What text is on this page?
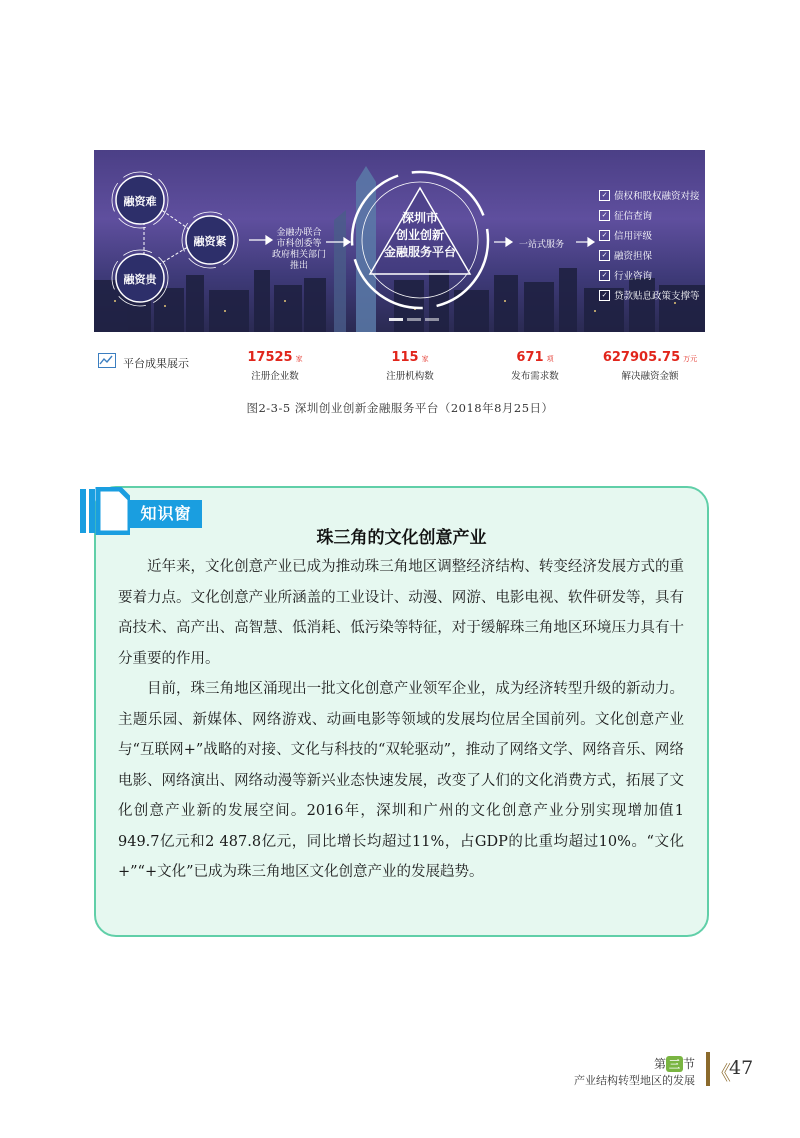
融资难
融资紧
融资贵
金融办联合
市科创委等
政府相关部门
推出
深圳市
创业创新
金融服务平台	一站式服务
✓ 债权和股权融资对接
✓ 征信查询
✓ 信用评级
✓ 融资担保
✓ 行业咨询
✓ 贷款贴息政策支撑等
平台成果展示	17525 家
注册企业数
115 家
注册机构数
671 项
发布需求数
627905.75 万元
解决融资金额
图2-3-5 深圳创业创新金融服务平台（2018年8月25日）
知识窗
珠三角的文化创意产业

近年来，文化创意产业已成为推动珠三角地区调整经济结构、转变经济发展方式的重要着力点。文化创意产业所涵盖的工业设计、动漫、网游、电影电视、软件研发等，具有高技术、高产出、高智慧、低消耗、低污染等特征，对于缓解珠三角地区环境压力具有十分重要的作用。

目前，珠三角地区涌现出一批文化创意产业领军企业，成为经济转型升级的新动力。主题乐园、新媒体、网络游戏、动画电影等领域的发展均位居全国前列。文化创意产业与“互联网+”战略的对接、文化与科技的“双轮驱动”，推动了网络文学、网络音乐、网络电影、网络演出、网络动漫等新兴业态快速发展，改变了人们的文化消费方式，拓展了文化创意产业新的发展空间。2016年，深圳和广州的文化创意产业分别实现增加值1 949.7亿元和2 487.8亿元，同比增长均超过11%，占GDP的比重均超过10%。“文化+”“+文化”已成为珠三角地区文化创意产业的发展趋势。

第 三 节
产业结构转型地区的发展 《
47
